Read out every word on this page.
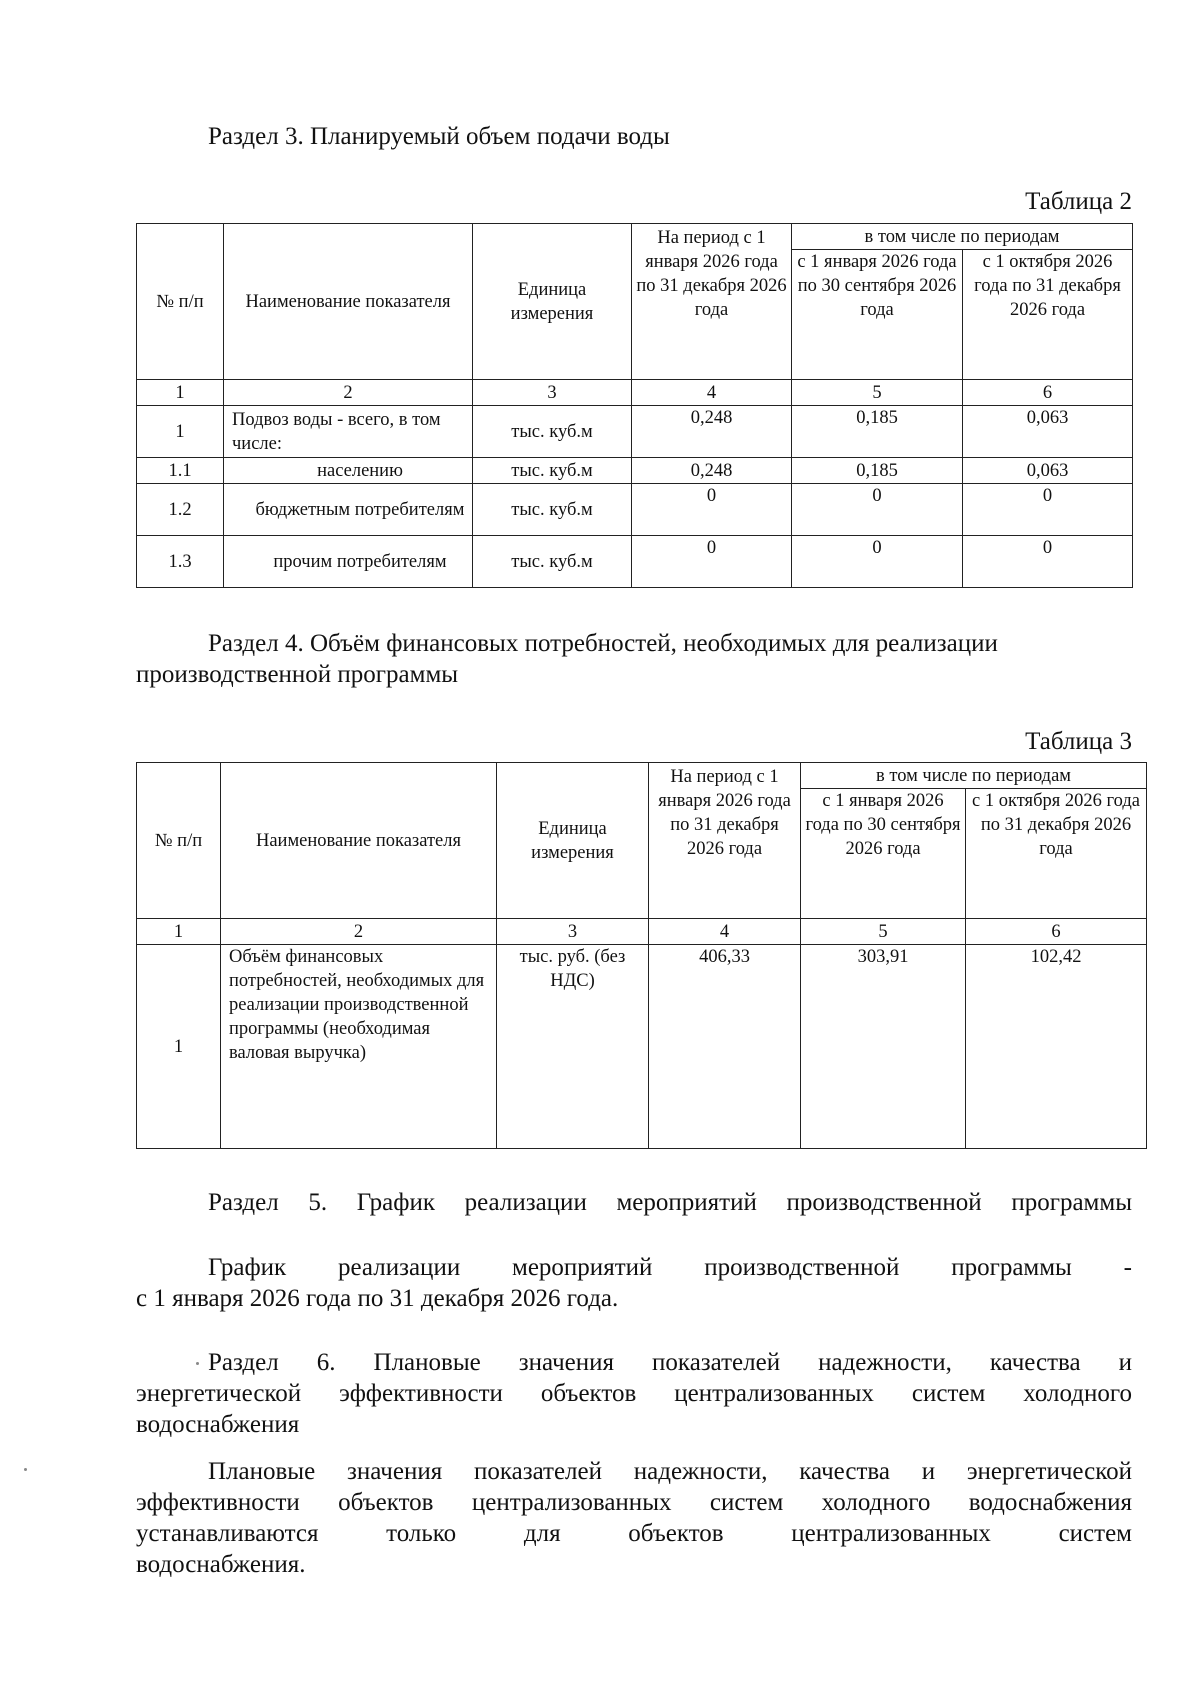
Раздел 3. Планируемый объем подачи воды
Таблица 2
№ п/п	Наименование показателя	Единица измерения	На период с 1 января 2026 года по 31 декабря 2026 года	в том числе по периодам	
				с 1 января 2026 года по 30 сентября 2026 года	с 1 октября 2026 года по 31 декабря 2026 года
1	2	3	4	5	6
1	Подвоз воды - всего, в том числе:	тыс. куб.м	0,248	0,185	0,063
1.1	населению	тыс. куб.м	0,248	0,185	0,063
1.2	бюджетным потребителям	тыс. куб.м	0	0	0
1.3	прочим потребителям	тыс. куб.м	0	0	0
Раздел 4. Объём финансовых потребностей, необходимых для реализации производственной программы
Таблица 3
№ п/п	Наименование показателя	Единица измерения	На период с 1 января 2026 года по 31 декабря 2026 года	в том числе по периодам	
				с 1 января 2026 года по 30 сентября 2026 года	с 1 октября 2026 года по 31 декабря 2026 года
1	2	3	4	5	6
1	Объём финансовых потребностей, необходимых для реализации производственной программы (необходимая валовая выручка)	тыс. руб. (без НДС)	406,33	303,91	102,42
Раздел 5. График реализации мероприятий производственной программы
График реализации мероприятий производственной программы -
с 1 января 2026 года по 31 декабря 2026 года.
Раздел 6. Плановые значения показателей надежности, качества и
энергетической эффективности объектов централизованных систем холодного
водоснабжения
Плановые значения показателей надежности, качества и энергетической
эффективности объектов централизованных систем холодного водоснабжения
устанавливаются только для объектов централизованных систем
водоснабжения.
